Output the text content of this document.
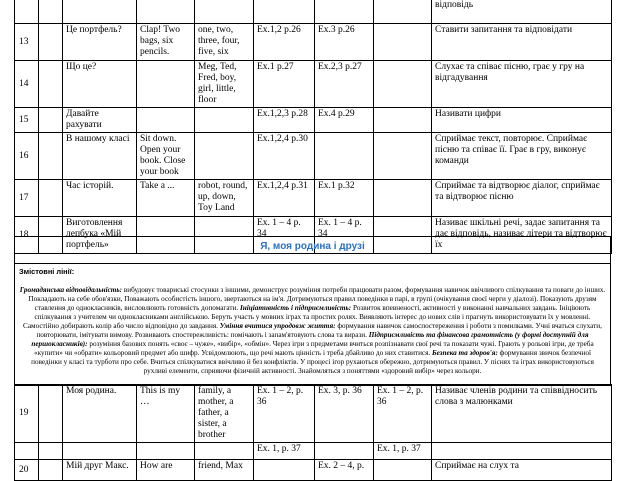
								відповідь
13		Це портфель?	Clap! Two bags, six pencils.	one, two, three, four, five, six	Ex.1,2 p.26	Ex.3 p.26		Ставити запитання та відповідати
14		Що це?		Meg, Ted, Fred, boy, girl, little, floor	Ex.1 p.27	Ex.2,3 p.27		Слухає та співає пісню, грає у гру на відгадування
15		Давайте рахувати			Ex.1,2,3 p.28	Ex.4 p.29		Називати цифри
16		В нашому класі	Sit down. Open your book. Close your book		Ex.1,2,4 p.30			Сприймає текст, повторює. Сприймає пісню та співає її. Грає в гру, виконує команди
17		Час історій.	Take a ...	robot, round, up, down, Toy Land	Ex.1,2,4 p.31	Ex.1 p.32		Сприймає та відтворює діалог, сприймає та відтворює пісню
18		Виготовлення лепбука «Мій портфель»			Ex. 1 – 4 p. 34	Ex. 1 – 4 p. 34		Називає шкільні речі, задає запитання та дає відповідь, називає літери та відтворює їх
Я, моя родина і друзі

Змістовні лінії:
Громадянська відповідальність: вибудовує товариські стосунки з іншими, демонструє розуміння потреби працювати разом, формування навичок ввічливого спілкування та поваги до інших. Покладають на себе обов'язки, Поважають особистість іншого, звертаються на ім'я. Дотримуються правил поведінки в парі, в групі (очікування своєї черги у діалозі). Показують друзям ставлення до однокласників, висловлюють готовність допомагати. Ініціативність і підприємливість: Розвиток впевненості, активності у виконанні навчальних завдань. Ініціюють спілкування з учителем чи однокласниками англійською. Беруть участь у мовних іграх та простих ролях. Виявляють інтерес до нових слів і прагнуть використовувати їх у мовленні. Самостійно добирають колір або число відповідно до завдання. Уміння вчитися упродовж життя: формування навичок самоспостереження і роботи з помилками. Учні вчаться слухати, повторювати, імітувати вимову. Розвивають спостережливість: помічають і запам'ятовують слова та вирази. Підприємливість та фінансова грамотність (у формі доступній для першокласників): розуміння базових понять «своє – чуже», «вибір», «обмін». Через ігри з предметами вчиться розпізнавати свої речі та показати чужі. Грають у рольові ігри, де треба «купити» чи «обрати» кольоровий предмет або шифр. Усвідомлюють, що речі мають цінність і треба дбайливо до них ставитися. Безпека та здоров'я: формування звичок безпечної поведінки у класі та турботи про себе. Вчиться спілкуватися ввічливо й без конфліктів. У процесі ігор рухаються обережно, дотримуються правил. У піснях та іграх використовуються рухливі елементи, сприяючи фізичній активності. Знайомляться з поняттями «здоровий вибір» через кольори.
19		Моя родина.	This is my …	family, a mother, a father, a sister, a brother	Ex. 1 – 2, p. 36	Ex. 3, p. 36	Ex. 1 – 2, p. 36	Називає членів родини та співвідносить слова з малюнками
					Ex. 1, p. 37		Ex. 1, p. 37	
20		Мій друг Макс.	How are	friend, Max		Ex. 2 – 4, p.		Сприймає на слух та
